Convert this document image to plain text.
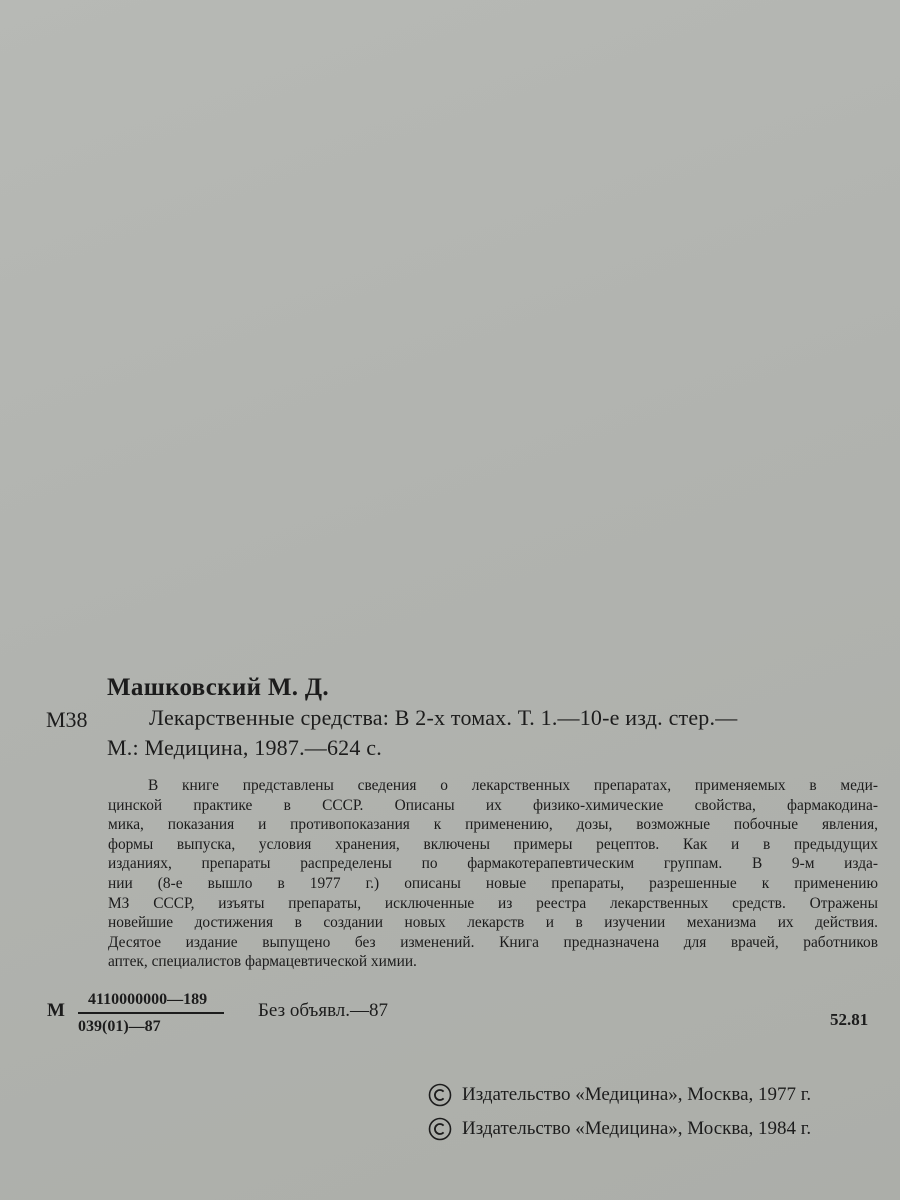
Машковский М. Д.
М38	Лекарственные средства: В 2-х томах. Т. 1.—10-е изд. стер.—
М.: Медицина, 1987.—624 с.
В книге представлены сведения о лекарственных препаратах, применяемых в меди-
цинской практике в СССР. Описаны их физико-химические свойства, фармакодина-
мика, показания и противопоказания к применению, дозы, возможные побочные явления,
формы выпуска, условия хранения, включены примеры рецептов. Как и в предыдущих
изданиях, препараты распределены по фармакотерапевтическим группам. В 9-м изда-
нии (8-е вышло в 1977 г.) описаны новые препараты, разрешенные к применению
МЗ СССР, изъяты препараты, исключенные из реестра лекарственных средств. Отражены
новейшие достижения в создании новых лекарств и в изучении механизма их действия.
Десятое издание выпущено без изменений. Книга предназначена для врачей, работников
аптек, специалистов фармацевтической химии.
М
4110000000—189
039(01)—87
Без объявл.—87	52.81
Издательство «Медицина», Москва, 1977 г.
Издательство «Медицина», Москва, 1984 г.
